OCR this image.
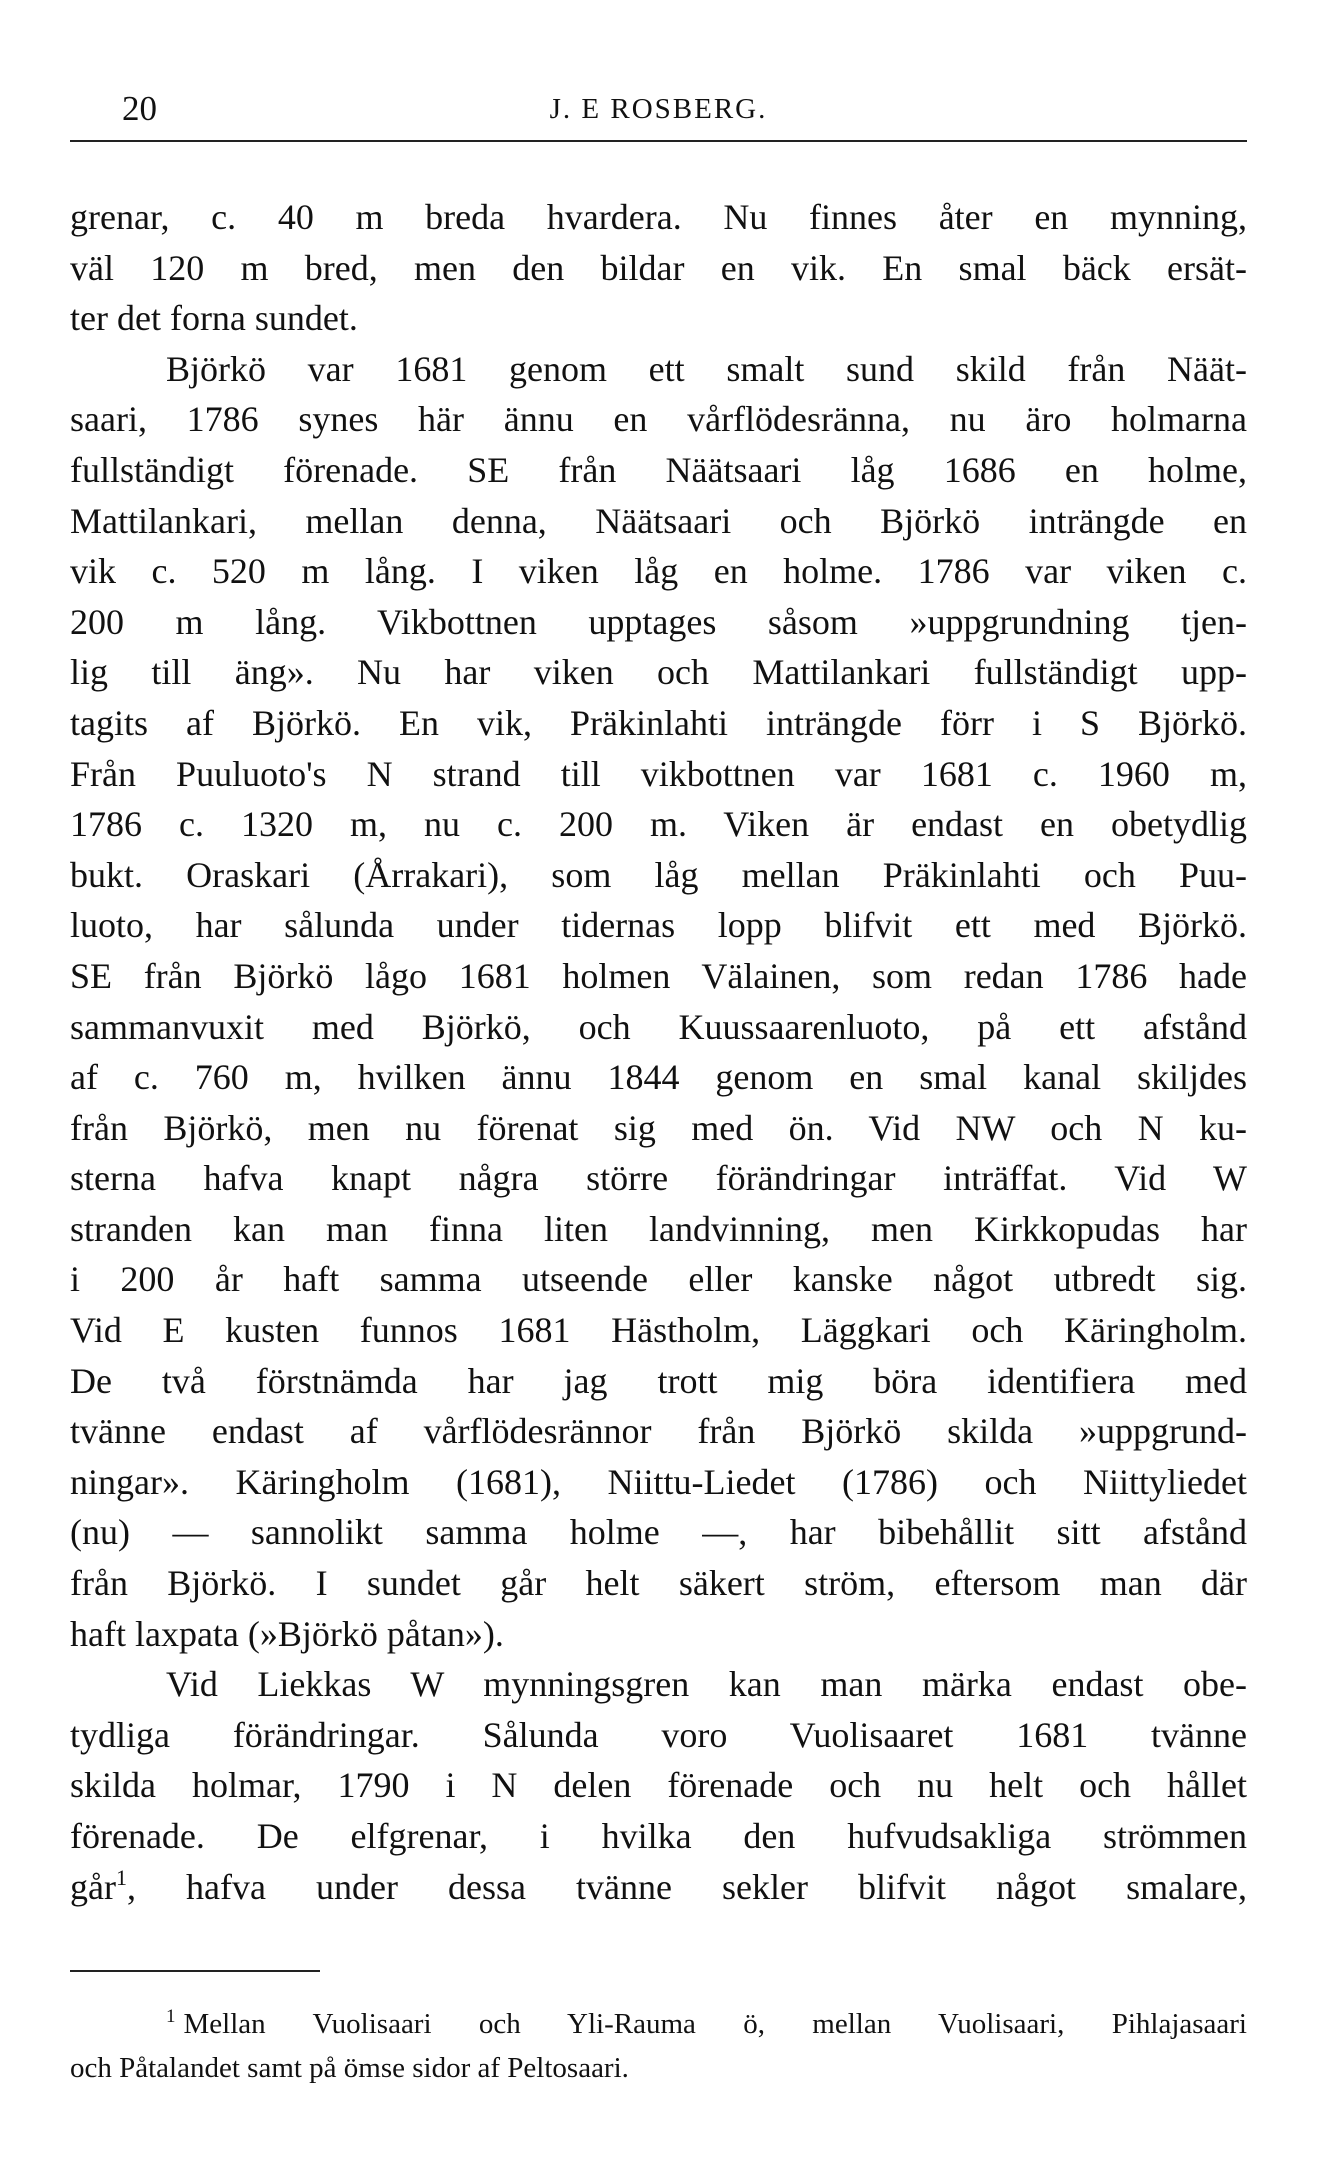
20	J. E ROSBERG.
grenar, c. 40 m breda hvardera. Nu finnes åter en mynning,
väl 120 m bred, men den bildar en vik. En smal bäck ersät-
ter det forna sundet.
Björkö var 1681 genom ett smalt sund skild från Näät-
saari, 1786 synes här ännu en vårflödesränna, nu äro holmarna
fullständigt förenade. SE från Näätsaari låg 1686 en holme,
Mattilankari, mellan denna, Näätsaari och Björkö inträngde en
vik c. 520 m lång. I viken låg en holme. 1786 var viken c.
200 m lång. Vikbottnen upptages såsom »uppgrundning tjen-
lig till äng». Nu har viken och Mattilankari fullständigt upp-
tagits af Björkö. En vik, Präkinlahti inträngde förr i S Björkö.
Från Puuluoto's N strand till vikbottnen var 1681 c. 1960 m,
1786 c. 1320 m, nu c. 200 m. Viken är endast en obetydlig
bukt. Oraskari (Årrakari), som låg mellan Präkinlahti och Puu-
luoto, har sålunda under tidernas lopp blifvit ett med Björkö.
SE från Björkö lågo 1681 holmen Välainen, som redan 1786 hade
sammanvuxit med Björkö, och Kuussaarenluoto, på ett afstånd
af c. 760 m, hvilken ännu 1844 genom en smal kanal skiljdes
från Björkö, men nu förenat sig med ön. Vid NW och N ku-
sterna hafva knapt några större förändringar inträffat. Vid W
stranden kan man finna liten landvinning, men Kirkkopudas har
i 200 år haft samma utseende eller kanske något utbredt sig.
Vid E kusten funnos 1681 Hästholm, Läggkari och Käringholm.
De två förstnämda har jag trott mig böra identifiera med
tvänne endast af vårflödesrännor från Björkö skilda »uppgrund-
ningar». Käringholm (1681), Niittu-Liedet (1786) och Niittyliedet
(nu) — sannolikt samma holme —, har bibehållit sitt afstånd
från Björkö. I sundet går helt säkert ström, eftersom man där
haft laxpata (»Björkö påtan»).
Vid Liekkas W mynningsgren kan man märka endast obe-
tydliga förändringar. Sålunda voro Vuolisaaret 1681 tvänne
skilda holmar, 1790 i N delen förenade och nu helt och hållet
förenade. De elfgrenar, i hvilka den hufvudsakliga strömmen
går$^1$, hafva under dessa tvänne sekler blifvit något smalare,
$^1$ Mellan Vuolisaari och Yli-Rauma ö, mellan Vuolisaari, Pihlajasaari
och Påtalandet samt på ömse sidor af Peltosaari.
